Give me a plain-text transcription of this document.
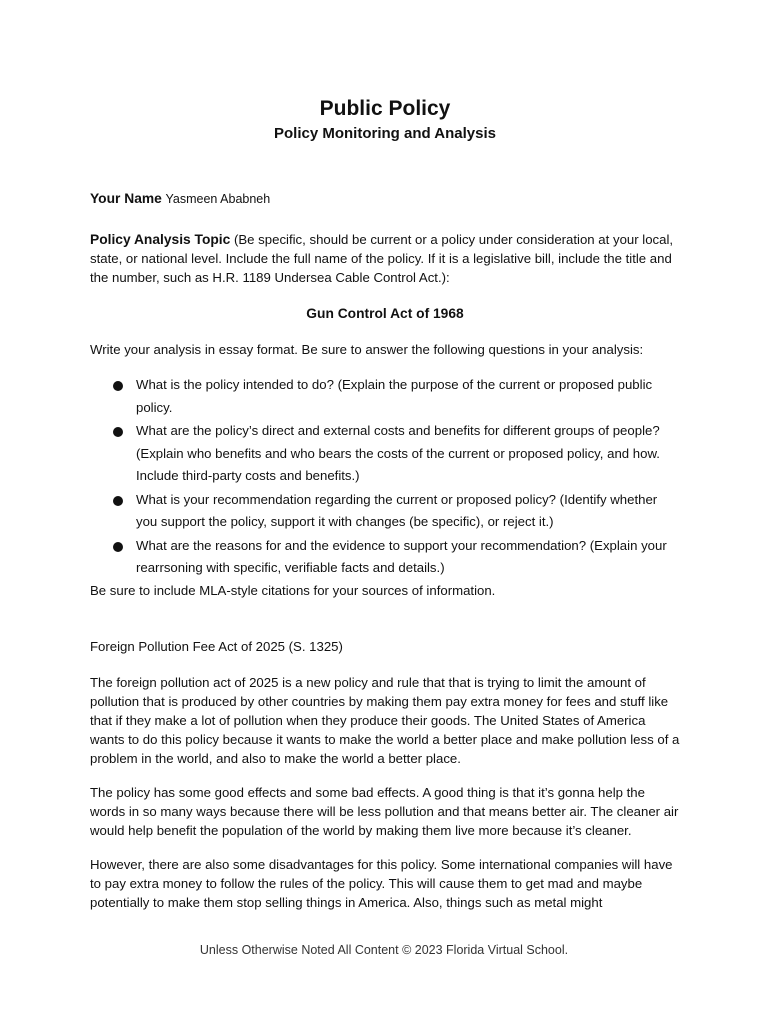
Public Policy
Policy Monitoring and Analysis

Your Name Yasmeen Ababneh

Policy Analysis Topic (Be specific, should be current or a policy under consideration at your local, state, or national level. Include the full name of the policy. If it is a legislative bill, include the title and the number, such as H.R. 1189 Undersea Cable Control Act.):

Gun Control Act of 1968

Write your analysis in essay format. Be sure to answer the following questions in your analysis:

What is the policy intended to do? (Explain the purpose of the current or proposed public policy.
What are the policy’s direct and external costs and benefits for different groups of people? (Explain who benefits and who bears the costs of the current or proposed policy, and how. Include third-party costs and benefits.)
What is your recommendation regarding the current or proposed policy? (Identify whether you support the policy, support it with changes (be specific), or reject it.)
What are the reasons for and the evidence to support your recommendation? (Explain your rearrsoning with specific, verifiable facts and details.)

Be sure to include MLA-style citations for your sources of information.

Foreign Pollution Fee Act of 2025 (S. 1325)

The foreign pollution act of 2025 is a new policy and rule that that is trying to limit the amount of pollution that is produced by other countries by making them pay extra money for fees and stuff like that if they make a lot of pollution when they produce their goods. The United States of America wants to do this policy because it wants to make the world a better place and make pollution less of a problem in the world, and also to make the world a better place.

The policy has some good effects and some bad effects. A good thing is that it’s gonna help the words in so many ways because there will be less pollution and that means better air. The cleaner air would help benefit the population of the world by making them live more because it’s cleaner.

However, there are also some disadvantages for this policy. Some international companies will have to pay extra money to follow the rules of the policy. This will cause them to get mad and maybe potentially to make them stop selling things in America. Also, things such as metal might

Unless Otherwise Noted All Content © 2023 Florida Virtual School.
